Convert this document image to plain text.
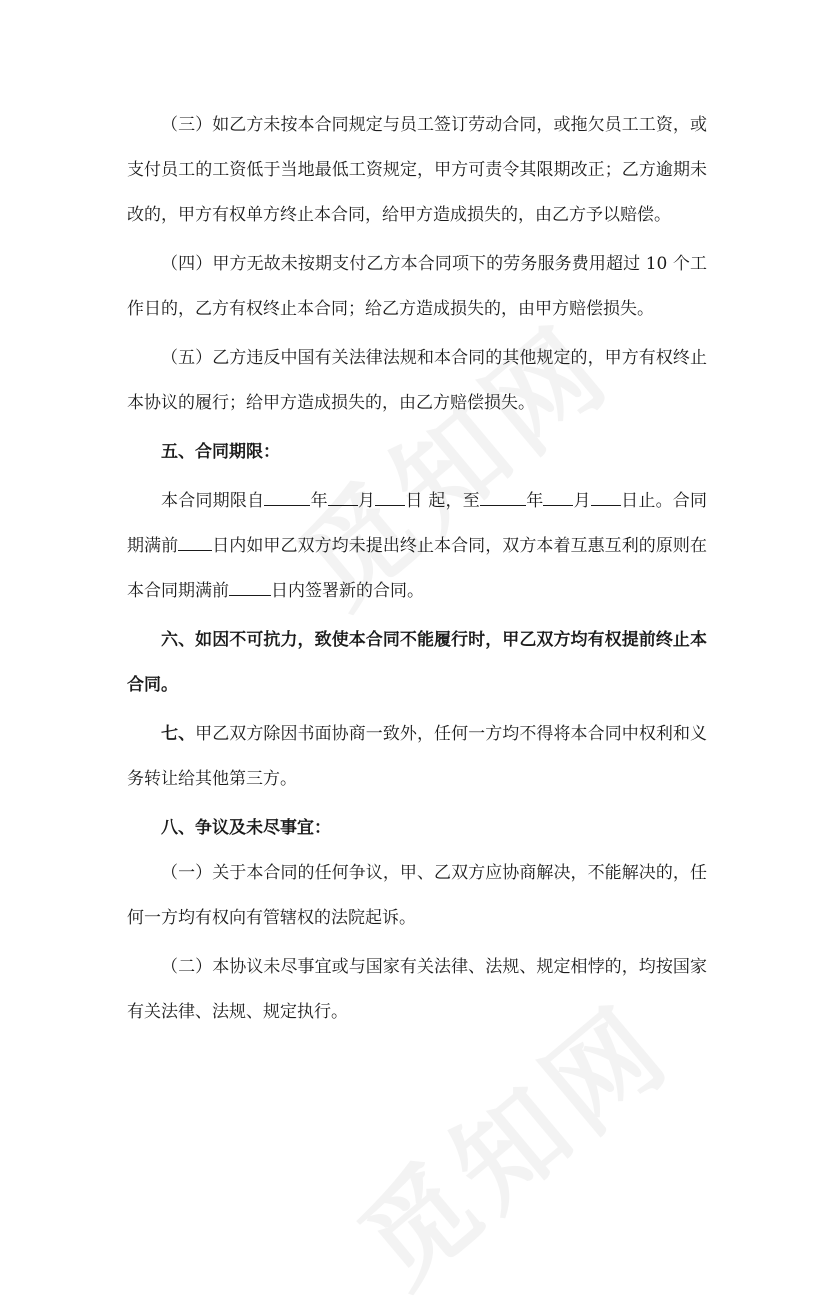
（三）如乙方未按本合同规定与员工签订劳动合同，或拖欠员工工资，或支付员工的工资低于当地最低工资规定，甲方可责令其限期改正；乙方逾期未改的，甲方有权单方终止本合同，给甲方造成损失的，由乙方予以赔偿。

（四）甲方无故未按期支付乙方本合同项下的劳务服务费用超过 10 个工作日的，乙方有权终止本合同；给乙方造成损失的，由甲方赔偿损失。

（五）乙方违反中国有关法律法规和本合同的其他规定的，甲方有权终止本协议的履行；给甲方造成损失的，由乙方赔偿损失。

五、合同期限：

本合同期限自	年 月 日 起，至	年 月 日止。合同期满前 日内如甲乙双方均未提出终止本合同，双方本着互惠互利的原则在本合同期满前 日内签署新的合同。

六、如因不可抗力，致使本合同不能履行时，甲乙双方均有权提前终止本合同。

七、甲乙双方除因书面协商一致外，任何一方均不得将本合同中权利和义务转让给其他第三方。

八、争议及未尽事宜：

（一）关于本合同的任何争议，甲、乙双方应协商解决，不能解决的，任何一方均有权向有管辖权的法院起诉。

（二）本协议未尽事宜或与国家有关法律、法规、规定相悖的，均按国家有关法律、法规、规定执行。
